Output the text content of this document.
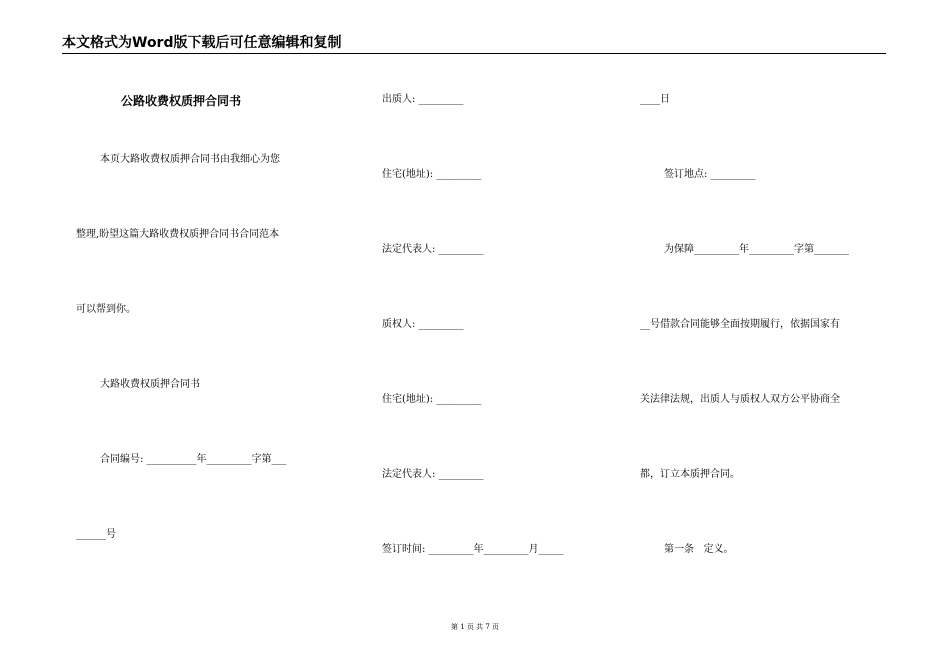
本文格式为Word版下载后可任意编辑和复制
公路收费权质押合同书
本页大路收费权质押合同书由我细心为您
整理,盼望这篇大路收费权质押合同书合同范本
可以帮到你。
大路收费权质押合同书
合同编号: __________年_________字第___
______号
出质人: _________
住宅(地址): _________
法定代表人: _________
质权人: _________
住宅(地址): _________
法定代表人: _________
签订时间: _________年_________月_____
____日
签订地点: _________
为保障_________年_________字第_______
__号借款合同能够全面按期履行，依据国家有
关法律法规，出质人与质权人双方公平协商全
都，订立本质押合同。
第一条   定义。
第 1 页 共 7 页
